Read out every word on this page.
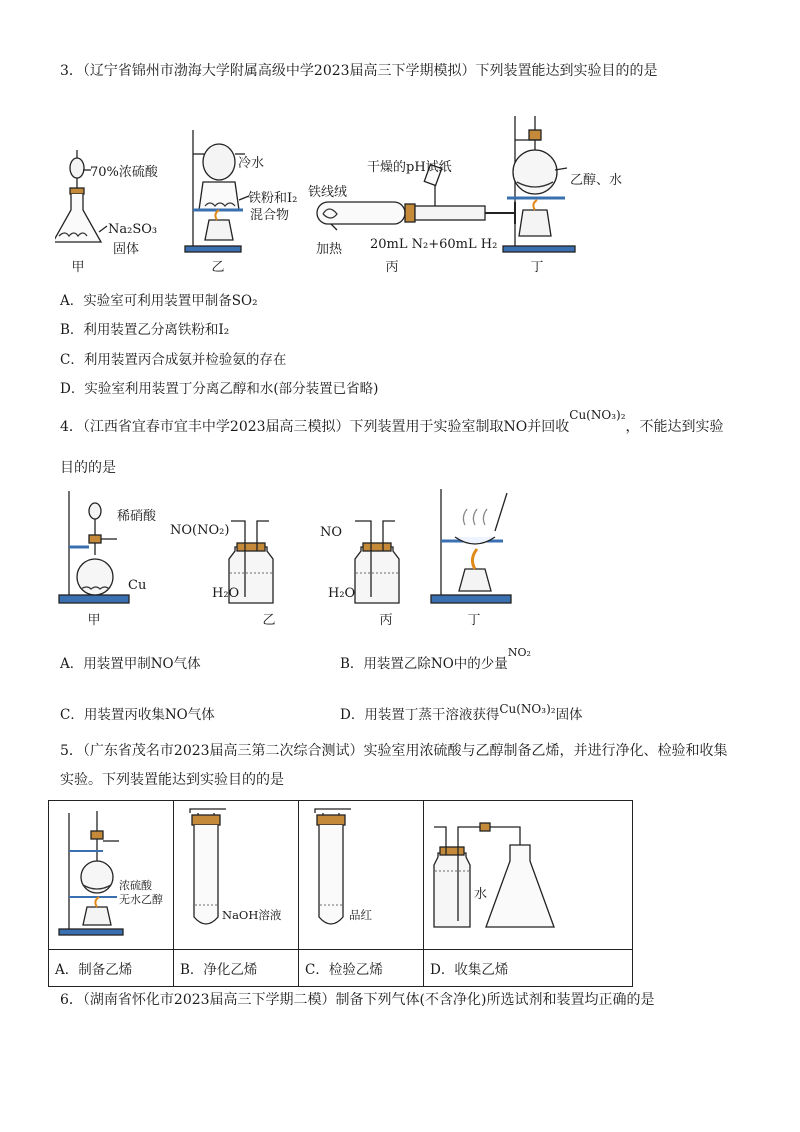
3．（辽宁省锦州市渤海大学附属高级中学2023届高三下学期模拟）下列装置能达到实验目的的是
70%浓硫酸
Na₂SO₃
固体
冷水
铁粉和I₂
混合物
铁线绒
加热
干燥的pH试纸
20mL N₂+60mL H₂
乙醇、水
甲	乙	丙	丁
A．实验室可利用装置甲制备SO₂
B．利用装置乙分离铁粉和I₂
C．利用装置丙合成氨并检验氨的存在
D．实验室利用装置丁分离乙醇和水(部分装置已省略)
4．（江西省宜春市宜丰中学2023届高三模拟）下列装置用于实验室制取NO并回收Cu(NO₃)₂，不能达到实验
目的的是
稀硝酸
Cu
NO(NO₂)
H₂O
NO
H₂O
甲	乙	丙	丁
A．用装置甲制NO气体	B．用装置乙除NO中的少量$^{NO_2}$
C．用装置丙收集NO气体	D．用装置丁蒸干溶液获得Cu(NO₃)₂固体
5．（广东省茂名市2023届高三第二次综合测试）实验室用浓硫酸与乙醇制备乙烯，并进行净化、检验和收集
实验。下列装置能达到实验目的的是
浓硫酸
无水乙醇	NaOH溶液	品红	水

A．制备乙烯	B．净化乙烯	C．检验乙烯	D．收集乙烯
6．（湖南省怀化市2023届高三下学期二模）制备下列气体(不含净化)所选试剂和装置均正确的是
